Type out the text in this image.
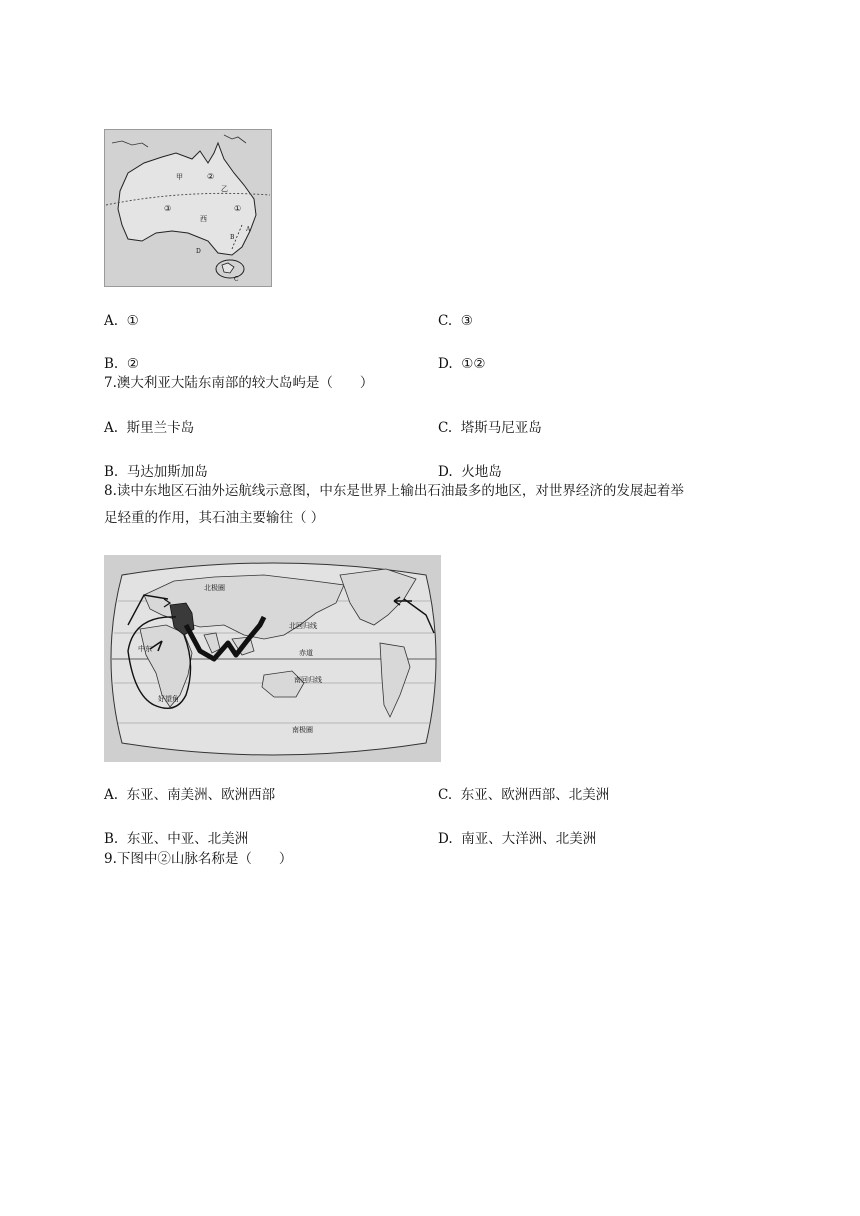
甲	②
乙
③
西
①
A
B
D
C
A. ①	C. ③
B. ②	D. ①②
7.澳大利亚大陆东南部的较大岛屿是（　　）
A. 斯里兰卡岛	C. 塔斯马尼亚岛
B. 马达加斯加岛	D. 火地岛
8.读中东地区石油外运航线示意图，中东是世界上输出石油最多的地区，对世界经济的发展起着举
足轻重的作用，其石油主要输往（ ）
北极圈
北回归线
赤道
南回归线
南极圈
中东
好望角
A. 东亚、南美洲、欧洲西部	C. 东亚、欧洲西部、北美洲
B. 东亚、中亚、北美洲	D. 南亚、大洋洲、北美洲
9.下图中②山脉名称是（　　）
